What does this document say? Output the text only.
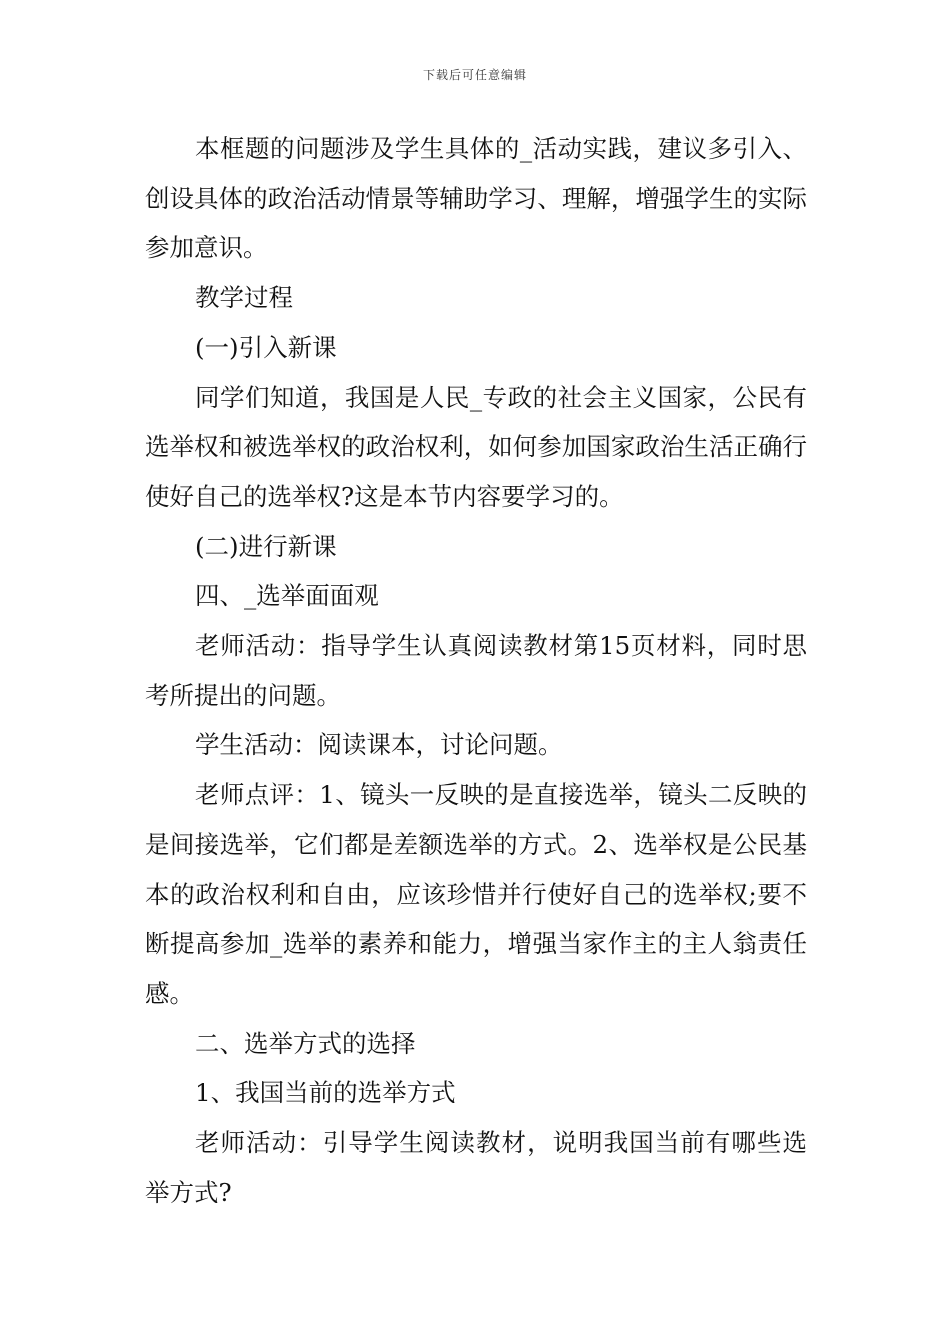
下载后可任意编辑

本框题的问题涉及学生具体的_活动实践，建议多引入、创设具体的政治活动情景等辅助学习、理解，增强学生的实际参加意识。

教学过程

(一)引入新课

同学们知道，我国是人民_专政的社会主义国家，公民有选举权和被选举权的政治权利，如何参加国家政治生活正确行使好自己的选举权?这是本节内容要学习的。

(二)进行新课

四、_选举面面观

老师活动：指导学生认真阅读教材第15页材料，同时思考所提出的问题。

学生活动：阅读课本，讨论问题。

老师点评：1、镜头一反映的是直接选举，镜头二反映的是间接选举，它们都是差额选举的方式。2、选举权是公民基本的政治权利和自由，应该珍惜并行使好自己的选举权;要不断提高参加_选举的素养和能力，增强当家作主的主人翁责任感。

二、选举方式的选择

1、我国当前的选举方式

老师活动：引导学生阅读教材，说明我国当前有哪些选举方式?
